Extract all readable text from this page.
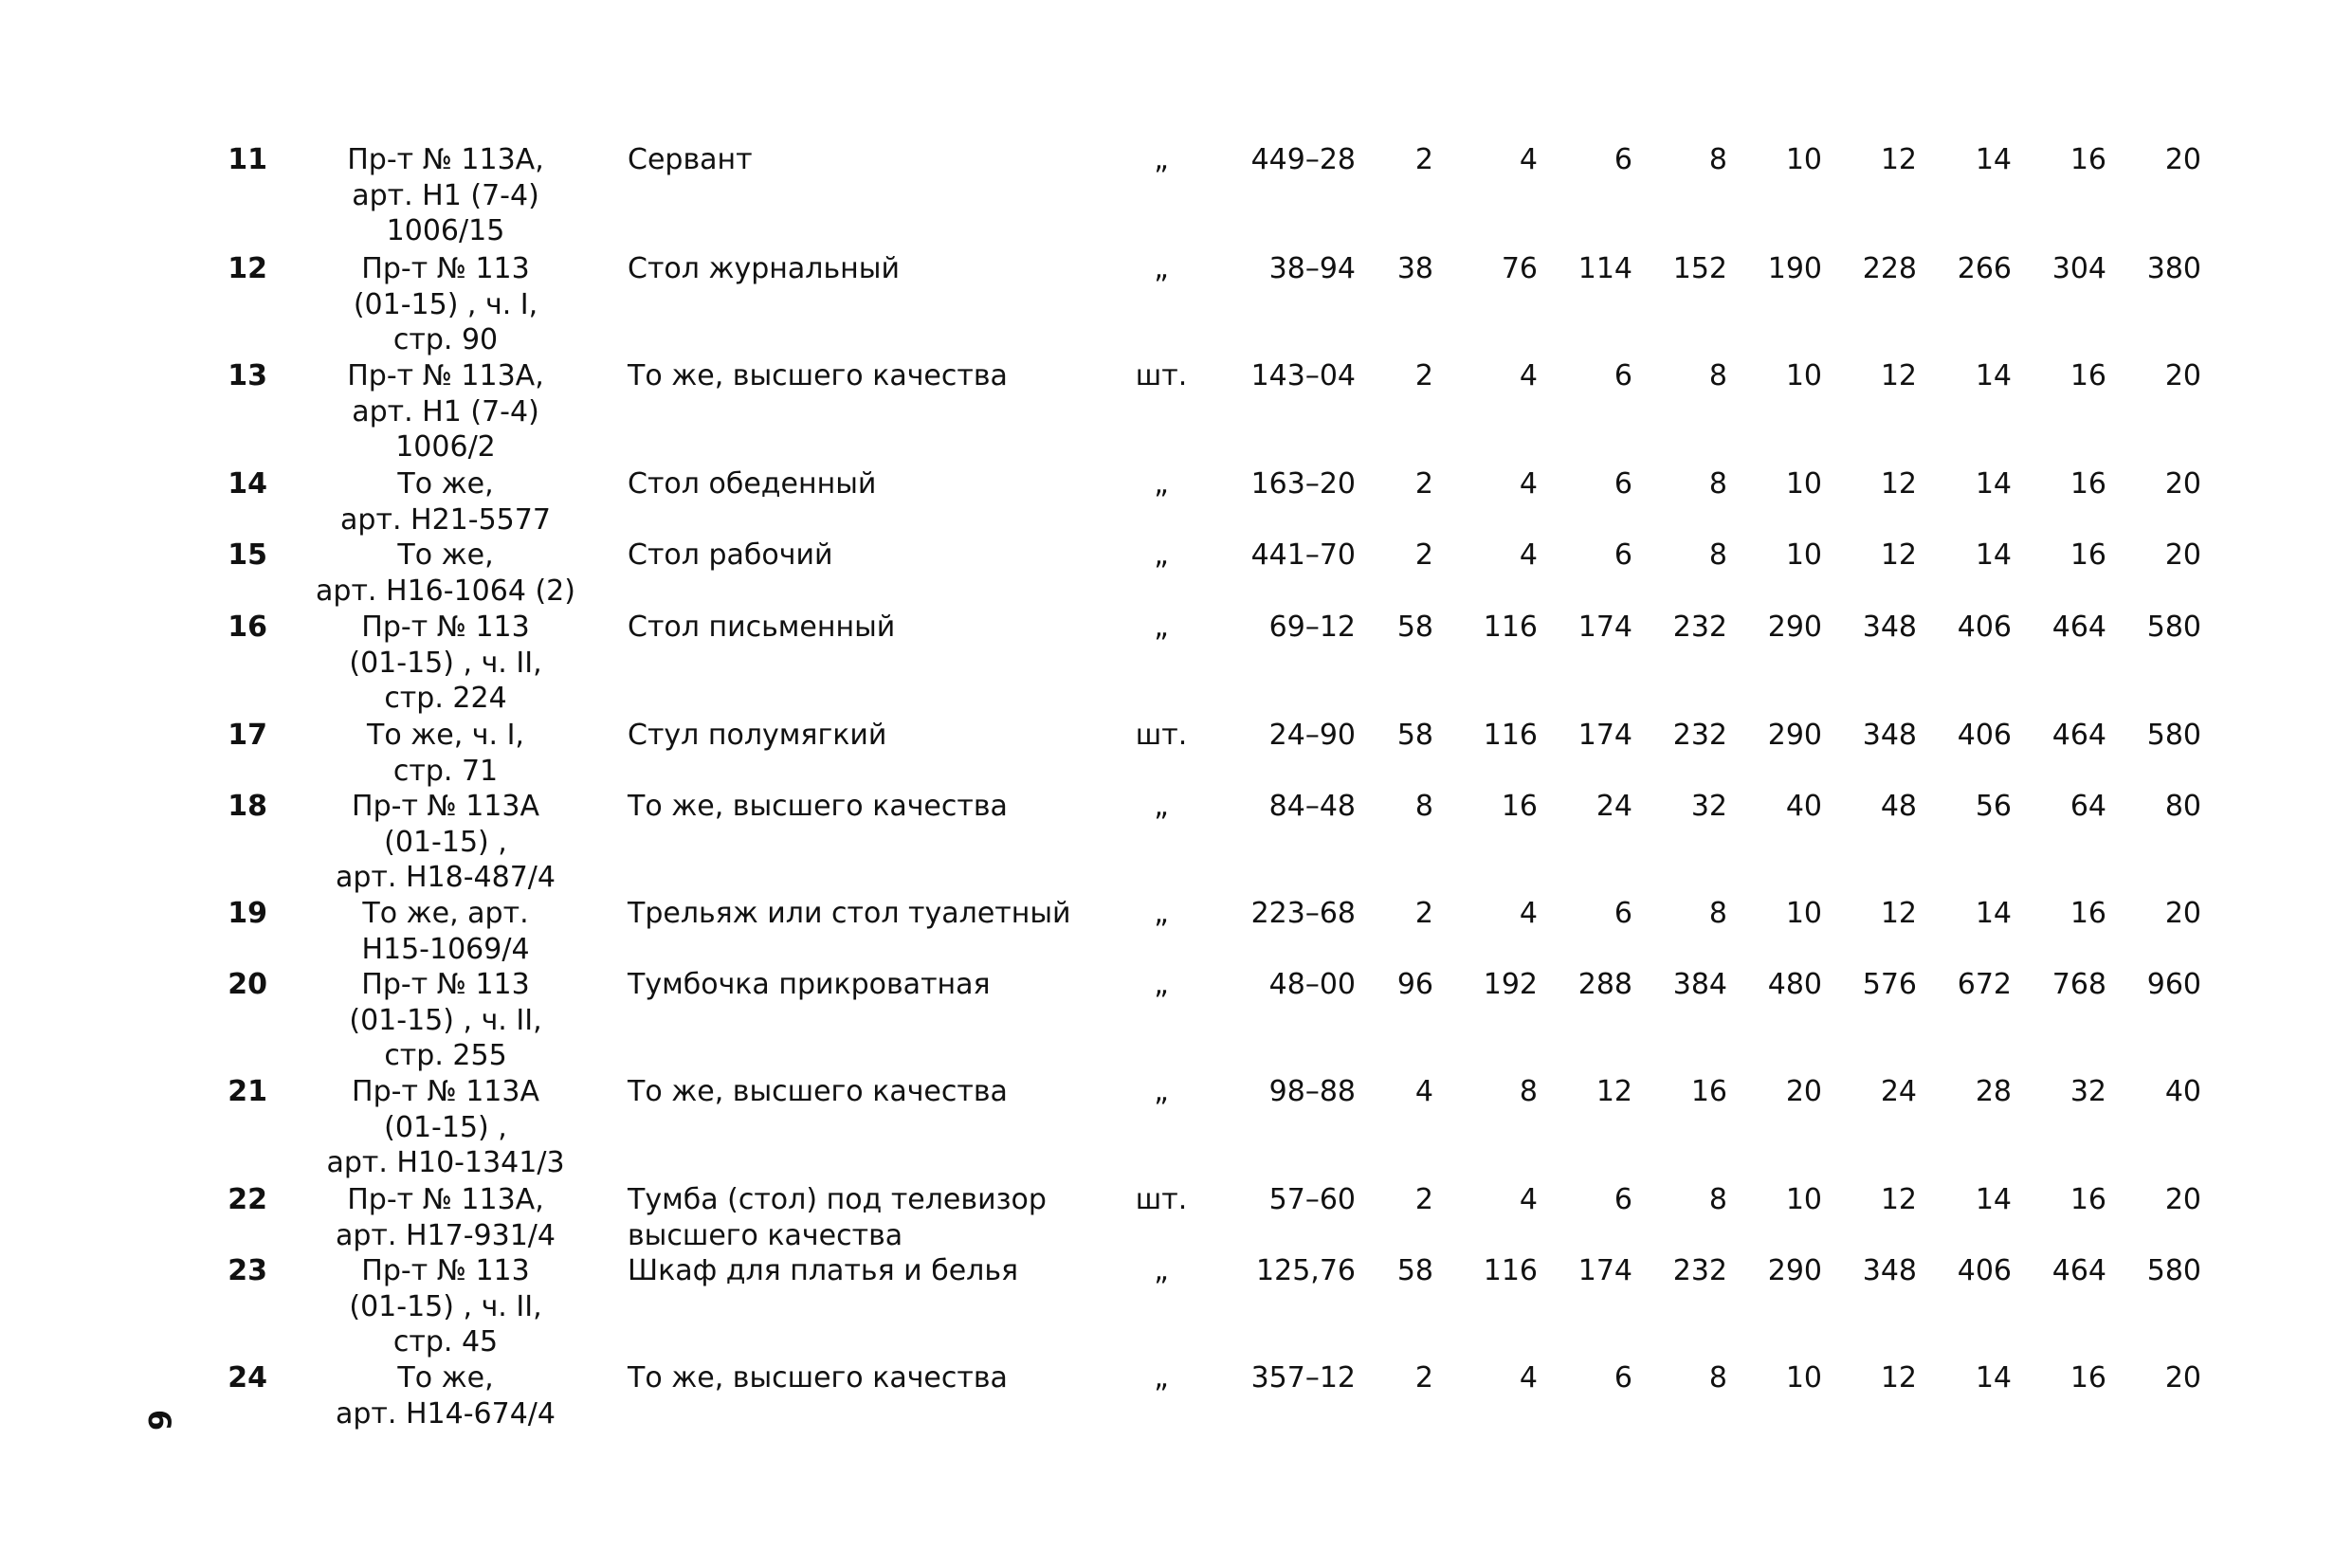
11	Пр-т № 113А,
арт. Н1 (7-4)
1006/15
Сервант	„	449–28	2	4	6	8	10	12	14	16	20
12	Пр-т № 113
(01-15) , ч. I,
стр. 90
Стол журнальный	„	38–94	38	76	114	152	190	228	266	304	380
13	Пр-т № 113А,
арт. Н1 (7-4)
1006/2
То же, высшего качества	шт.	143–04	2	4	6	8	10	12	14	16	20
14	То же,
арт. Н21-5577
Стол обеденный	„	163–20	2	4	6	8	10	12	14	16	20
15	То же,
арт. Н16-1064 (2)
Стол рабочий	„	441–70	2	4	6	8	10	12	14	16	20
16	Пр-т № 113
(01-15) , ч. II,
стр. 224
Стол письменный	„	69–12	58	116	174	232	290	348	406	464	580
17	То же, ч. I,
стр. 71
Стул полумягкий	шт.	24–90	58	116	174	232	290	348	406	464	580
18	Пр-т № 113А
(01-15) ,
арт. Н18-487/4
То же, высшего качества	„	84–48	8	16	24	32	40	48	56	64	80
19	То же, арт.
Н15-1069/4
Трельяж или стол туалетный	„	223–68	2	4	6	8	10	12	14	16	20
20	Пр-т № 113
(01-15) , ч. II,
стр. 255
Тумбочка прикроватная	„	48–00	96	192	288	384	480	576	672	768	960
21	Пр-т № 113А
(01-15) ,
арт. Н10-1341/3
То же, высшего качества	„	98–88	4	8	12	16	20	24	28	32	40
22	Пр-т № 113А,
арт. Н17-931/4
Тумба (стол) под телевизор
высшего качества
шт.	57–60	2	4	6	8	10	12	14	16	20
23	Пр-т № 113
(01-15) , ч. II,
стр. 45
Шкаф для платья и белья	„	125,76	58	116	174	232	290	348	406	464	580
24	То же,
арт. Н14-674/4
То же, высшего качества	„	357–12	2	4	6	8	10	12	14	16	20
6
